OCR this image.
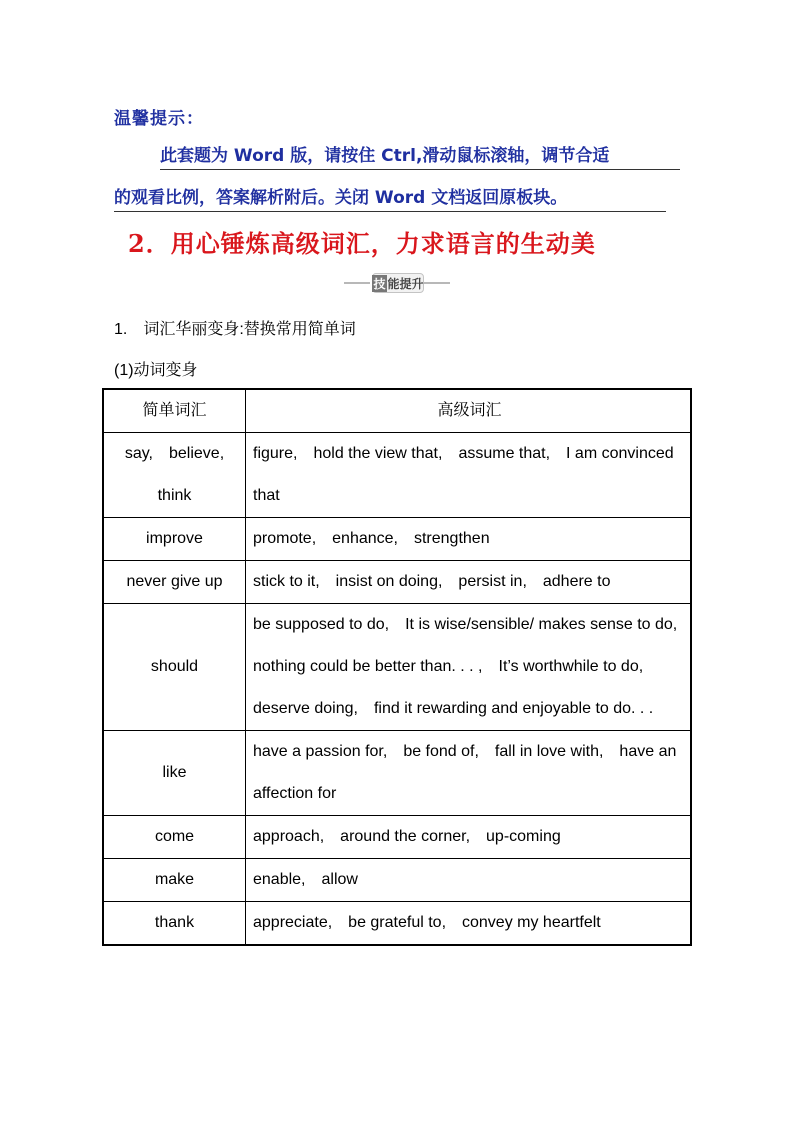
温馨提示：
此套题为 Word 版，请按住 Ctrl,滑动鼠标滚轴，调节合适
的观看比例，答案解析附后。关闭 Word 文档返回原板块。
2．用心锤炼高级词汇，力求语言的生动美
技 能提升
1.　词汇华丽变身:替换常用简单词
(1)动词变身
简单词汇	高级词汇
say,　believe,　think	figure,　hold the view that,　assume that,　I am convinced that
improve	promote,　enhance,　strengthen
never give up	stick to it,　insist on doing,　persist in,　adhere to
should	be supposed to do,　It is wise/sensible/ makes sense to do,　nothing could be better than. . . ,　It’s worthwhile to do,　deserve doing,　find it rewarding and enjoyable to do. . .
like	have a passion for,　be fond of,　fall in love with,　have an affection for
come	approach,　around the corner,　up-coming
make	enable,　allow
thank	appreciate,　be grateful to,　convey my heartfelt
